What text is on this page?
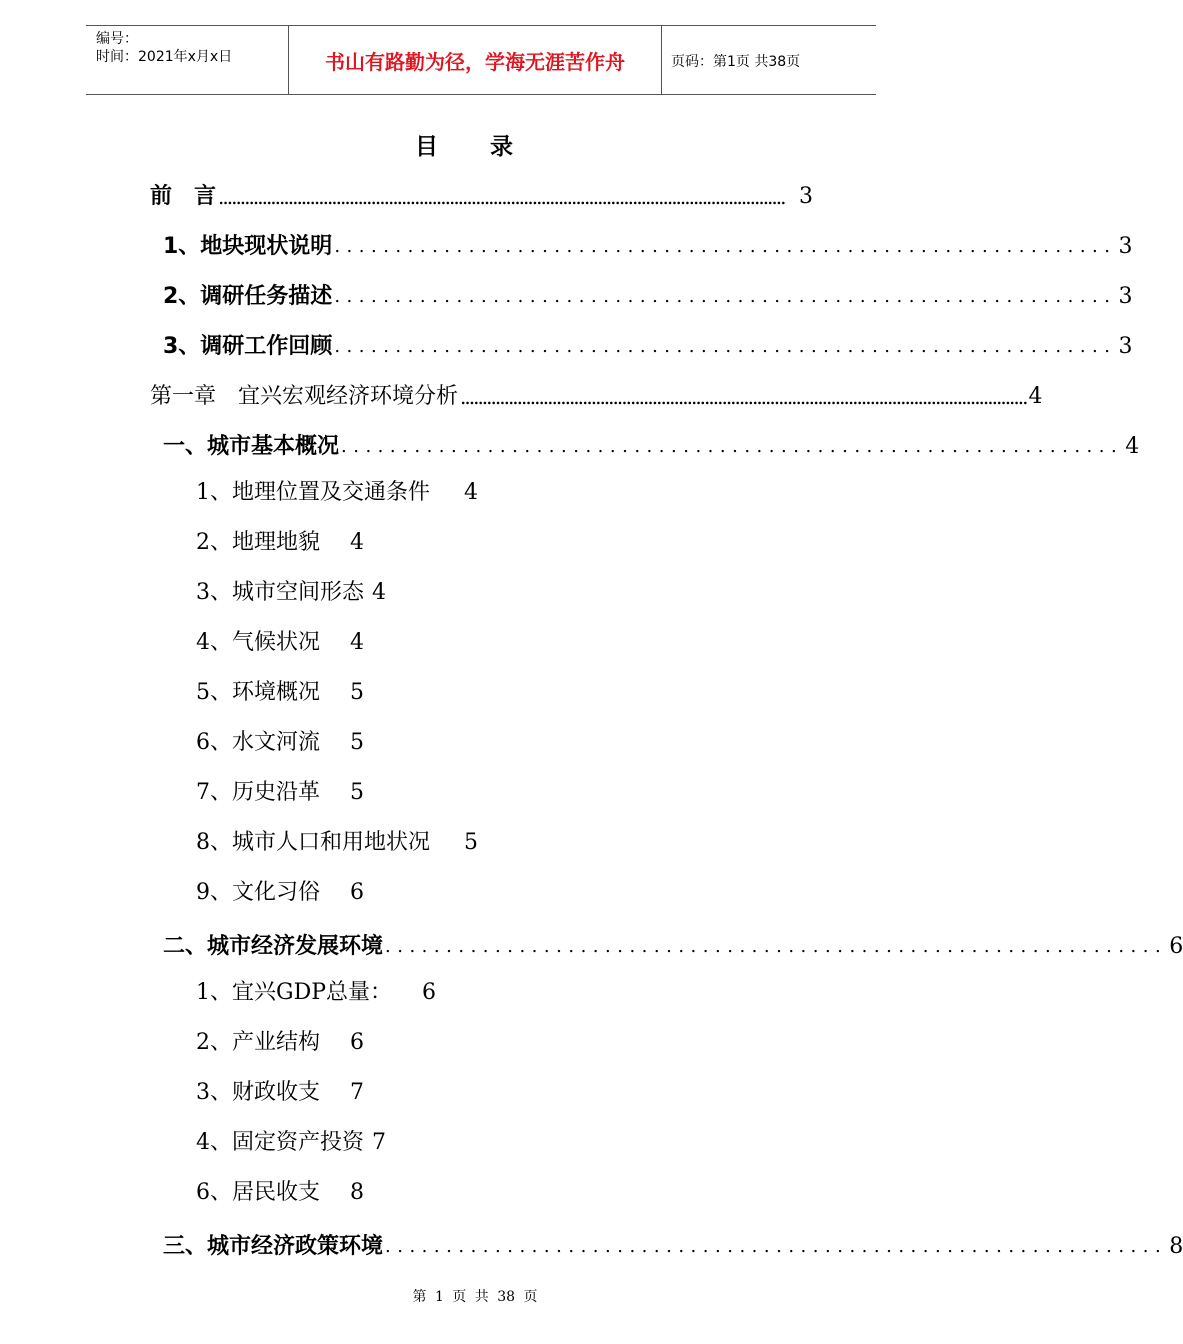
编号：
时间：2021年x月x日	书山有路勤为径，学海无涯苦作舟	页码：第1页 共38页
目 录
前　言 .................................................................................................................................. 3
1、地块现状说明 ................................................................ 3
2、调研任务描述 ................................................................ 3
3、调研工作回顾 ................................................................ 3
第一章　宜兴宏观经济环境分析 .................................................................................................................................. 4
一、城市基本概况 ................................................................ 4
1、地理位置及交通条件 4
2、地理地貌 4
3、城市空间形态 4
4、气候状况 4
5、环境概况 5
6、水文河流 5
7、历史沿革 5
8、城市人口和用地状况 5
9、文化习俗 6
二、城市经济发展环境 ................................................................ 6
1、宜兴GDP总量： 6
2、产业结构 6
3、财政收支 7
4、固定资产投资 7
6、居民收支 8
三、城市经济政策环境 ................................................................ 8
第 1 页 共 38 页
